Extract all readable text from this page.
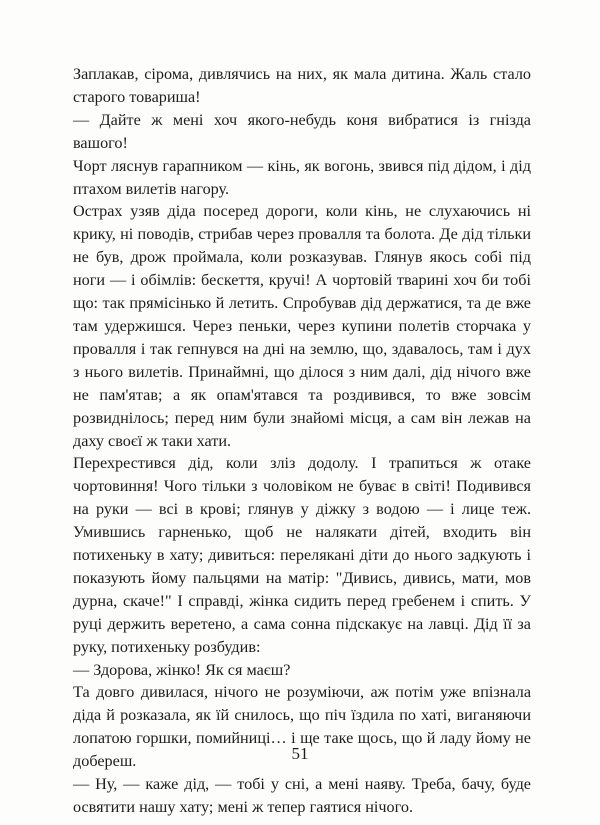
Заплакав, сірома, дивлячись на них, як мала дитина. Жаль стало старого товариша!

— Дайте ж мені хоч якого-небудь коня вибратися із гнізда вашого!

Чорт ляснув гарапником — кінь, як вогонь, звився під дідом, і дід птахом вилетів нагору.

Острах узяв діда посеред дороги, коли кінь, не слухаючись ні крику, ні поводів, стрибав через провалля та болота. Де дід тільки не був, дрож проймала, коли розказував. Глянув якось собі під ноги — і обімлів: бескеття, кручі! А чортовій тварині хоч би тобі що: так прямісінько й летить. Спробував дід держатися, та де вже там удержишся. Через пеньки, через купини полетів сторчака у провалля і так гепнувся на дні на землю, що, здавалось, там і дух з нього вилетів. Принаймні, що ділося з ним далі, дід нічого вже не пам'ятав; а як опам'ятався та роздивився, то вже зовсім розвиднілось; перед ним були знайомі місця, а сам він лежав на даху своєї ж таки хати.

Перехрестився дід, коли зліз додолу. І трапиться ж отаке чортовиння! Чого тільки з чоловіком не буває в світі! Подивився на руки — всі в крові; глянув у діжку з водою — і лице теж. Умившись гарненько, щоб не налякати дітей, входить він потихеньку в хату; дивиться: перелякані діти до нього задкують і показують йому пальцями на матір: "Дивись, дивись, мати, мов дурна, скаче!" І справді, жінка сидить перед гребенем і спить. У руці держить веретено, а сама сонна підскакує на лавці. Дід її за руку, потихеньку розбудив:

— Здорова, жінко! Як ся маєш?

Та довго дивилася, нічого не розуміючи, аж потім уже впізнала діда й розказала, як їй снилось, що піч їздила по хаті, виганяючи лопатою горшки, помийниці… і ще таке щось, що й ладу йому не добереш.

— Ну, — каже дід, — тобі у сні, а мені наяву. Треба, бачу, буде освятити нашу хату; мені ж тепер гаятися нічого.

51
